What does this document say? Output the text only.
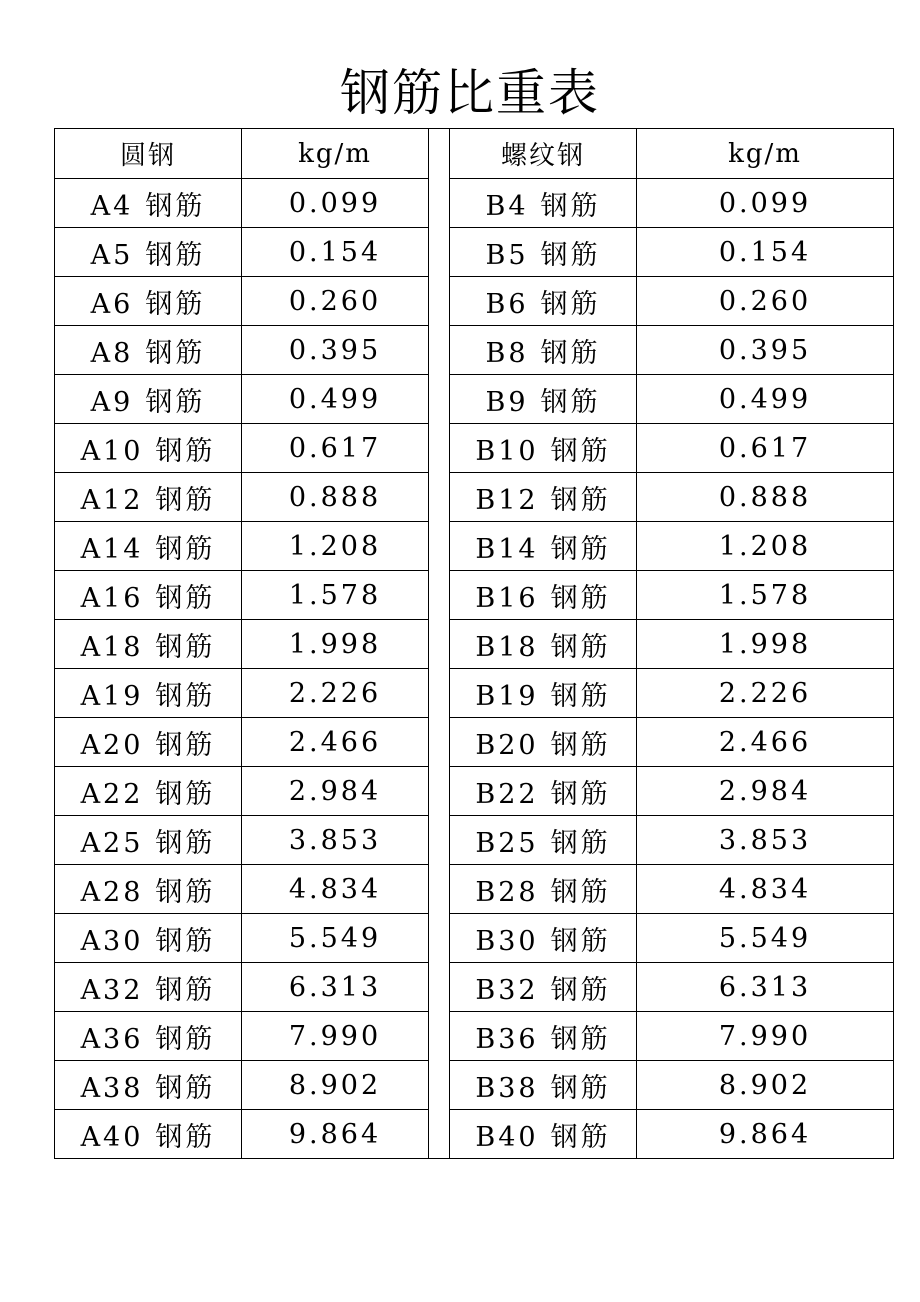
钢筋比重表
圆钢	kg/m		螺纹钢	kg/m
A4 钢筋	0.099		B4 钢筋	0.099
A5 钢筋	0.154		B5 钢筋	0.154
A6 钢筋	0.260		B6 钢筋	0.260
A8 钢筋	0.395		B8 钢筋	0.395
A9 钢筋	0.499		B9 钢筋	0.499
A10 钢筋	0.617		B10 钢筋	0.617
A12 钢筋	0.888		B12 钢筋	0.888
A14 钢筋	1.208		B14 钢筋	1.208
A16 钢筋	1.578		B16 钢筋	1.578
A18 钢筋	1.998		B18 钢筋	1.998
A19 钢筋	2.226		B19 钢筋	2.226
A20 钢筋	2.466		B20 钢筋	2.466
A22 钢筋	2.984		B22 钢筋	2.984
A25 钢筋	3.853		B25 钢筋	3.853
A28 钢筋	4.834		B28 钢筋	4.834
A30 钢筋	5.549		B30 钢筋	5.549
A32 钢筋	6.313		B32 钢筋	6.313
A36 钢筋	7.990		B36 钢筋	7.990
A38 钢筋	8.902		B38 钢筋	8.902
A40 钢筋	9.864		B40 钢筋	9.864
